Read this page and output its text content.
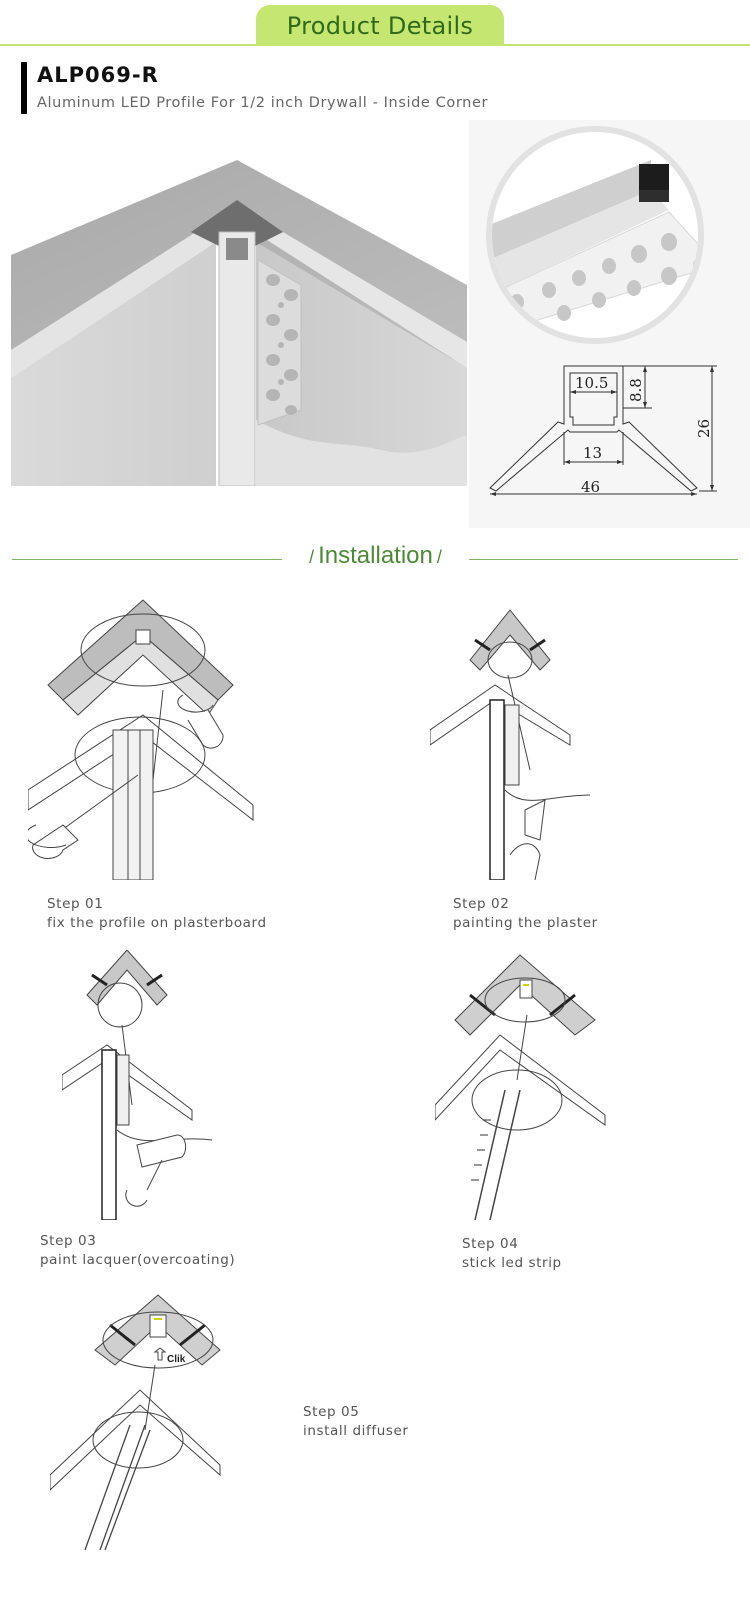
Product Details
ALP069-R
Aluminum LED Profile For 1/2 inch Drywall - Inside Corner
10.5
13
46
8.8
26
/ Installation /
Step 01
fix the profile on plasterboard
Step 02
painting the plaster
Step 03
paint lacquer(overcoating)
Step 04
stick led strip
Clik
Step 05
install diffuser
